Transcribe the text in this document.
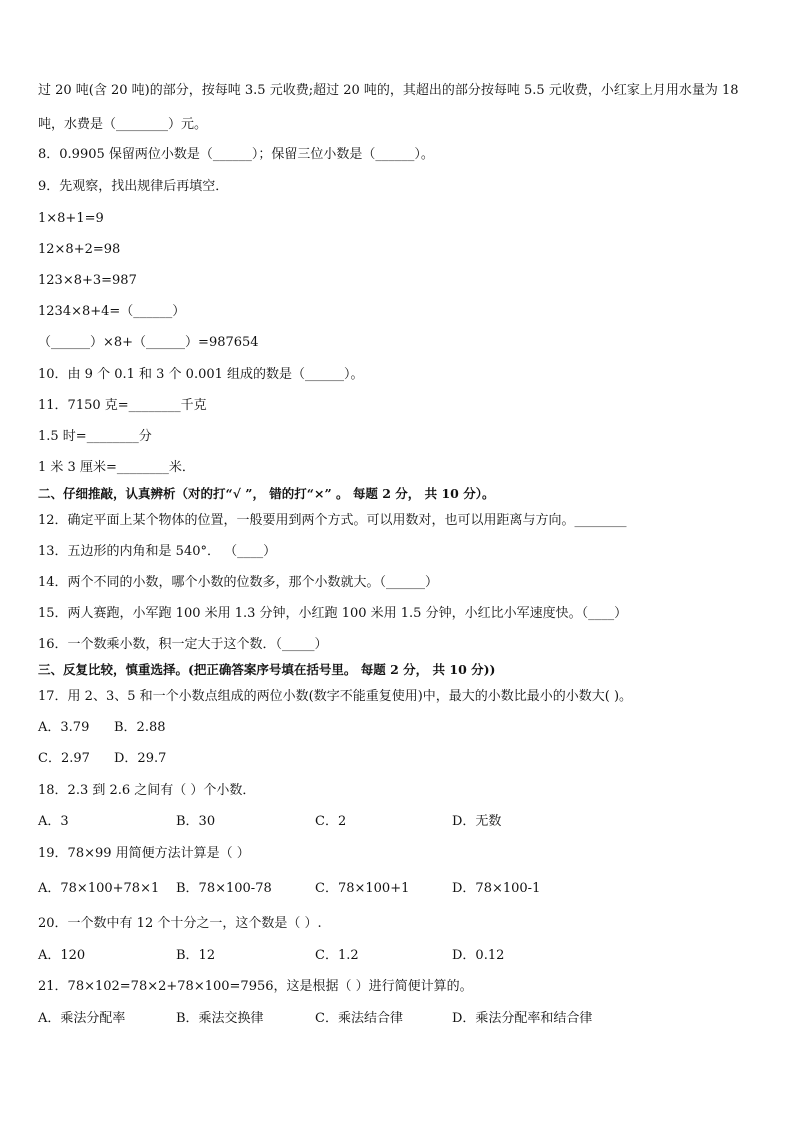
过 20 吨(含 20 吨)的部分，按每吨 3.5 元收费;超过 20 吨的，其超出的部分按每吨 5.5 元收费，小红家上月用水量为 18
吨，水费是（________）元。
8．0.9905 保留两位小数是（______）；保留三位小数是（______）。
9．先观察，找出规律后再填空．
1×8+1=9
12×8+2=98
123×8+3=987
1234×8+4=（______）
（______）×8+（______）=987654
10．由 9 个 0.1 和 3 个 0.001 组成的数是（______）。
11．7150 克=________千克
1.5 时=________分
1 米 3 厘米=________米．
二、仔细推敲，认真辨析（对的打“√ ”， 错的打“×” 。 每题 2 分， 共 10 分）。
12．确定平面上某个物体的位置，一般要用到两个方式。可以用数对，也可以用距离与方向。________
13．五边形的内角和是 540°． （____）
14．两个不同的小数，哪个小数的位数多，那个小数就大。（______）
15．两人赛跑，小军跑 100 米用 1.3 分钟，小红跑 100 米用 1.5 分钟，小红比小军速度快。（____）
16．一个数乘小数，积一定大于这个数．（_____）
三、反复比较，慎重选择。(把正确答案序号填在括号里。 每题 2 分， 共 10 分))
17．用 2、3、5 和一个小数点组成的两位小数(数字不能重复使用)中，最大的小数比最小的小数大( )。
18．2.3 到 2.6 之间有（ ）个小数．
19．78×99 用简便方法计算是（ ）
20．一个数中有 12 个十分之一，这个数是（ ）.
21．78×102=78×2+78×100=7956，这是根据（ ）进行简便计算的。
A．3.79 B．2.88
C．2.97 D．29.7
A．3	B．30	C．2	D．无数
A．78×100+78×1 B．78×100-78	C．78×100+1	D．78×100-1
A．120	B．12	C．1.2	D．0.12
A．乘法分配率	B．乘法交换律	C．乘法结合律	D．乘法分配率和结合律
